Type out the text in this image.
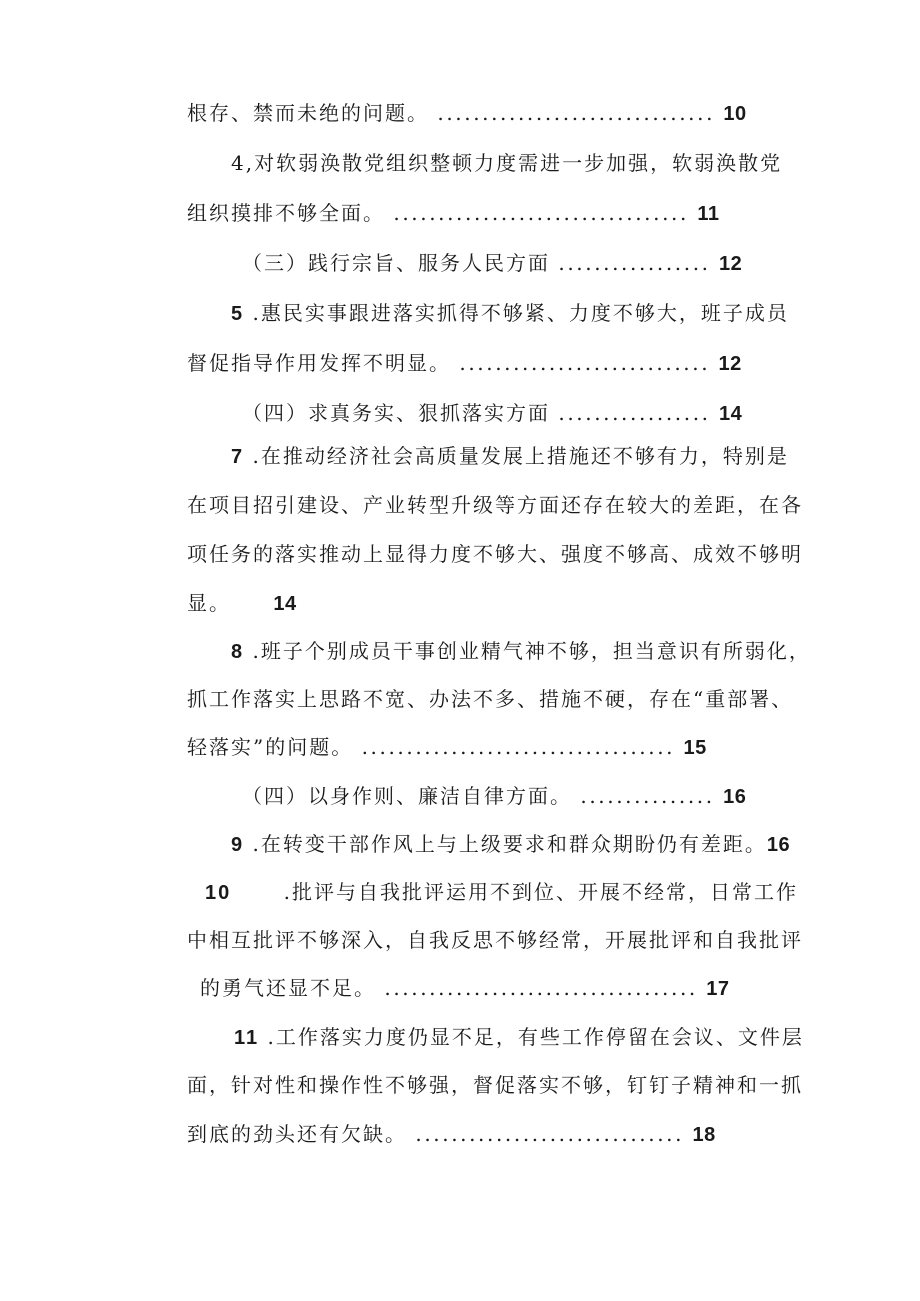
根存、禁而未绝的问题。 ............................... 10
4,对软弱涣散党组织整顿力度需进一步加强，软弱涣散党
组织摸排不够全面。 ................................. 11
（三）践行宗旨、服务人民方面 ................. 12
5 .惠民实事跟进落实抓得不够紧、力度不够大，班子成员
督促指导作用发挥不明显。 ............................ 12
（四）求真务实、狠抓落实方面 ................. 14
7 .在推动经济社会高质量发展上措施还不够有力，特别是
在项目招引建设、产业转型升级等方面还存在较大的差距，在各
项任务的落实推动上显得力度不够大、强度不够高、成效不够明
显。 14
8 .班子个别成员干事创业精气神不够，担当意识有所弱化，
抓工作落实上思路不宽、办法不多、措施不硬，存在“重部署、
轻落实”的问题。 ................................... 15
（四）以身作则、廉洁自律方面。 ............... 16
9 .在转变干部作风上与上级要求和群众期盼仍有差距。16
10	.批评与自我批评运用不到位、开展不经常，日常工作
中相互批评不够深入，自我反思不够经常，开展批评和自我批评
的勇气还显不足。 ................................... 17
11 .工作落实力度仍显不足，有些工作停留在会议、文件层
面，针对性和操作性不够强，督促落实不够，钉钉子精神和一抓
到底的劲头还有欠缺。 .............................. 18
